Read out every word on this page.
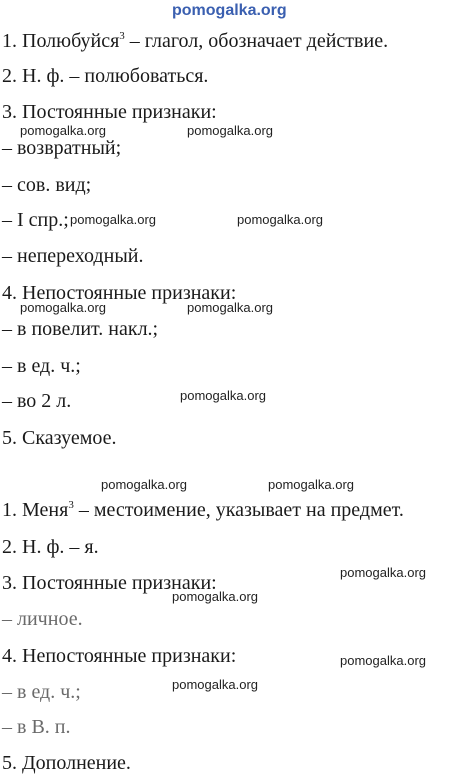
pomogalka.org
1. Полюбуйся$^3$ – глагол, обозначает действие.
2. Н. ф. – полюбоваться.
3. Постоянные признаки:
– возвратный;
– сов. вид;
– I спр.;
– непереходный.
4. Непостоянные признаки:
– в повелит. накл.;
– в ед. ч.;
– во 2 л.
5. Сказуемое.
1. Меня$^3$ – местоимение, указывает на предмет.
2. Н. ф. – я.
3. Постоянные признаки:
– личное.
4. Непостоянные признаки:
– в ед. ч.;
– в В. п.
5. Дополнение.
pomogalka.org	pomogalka.org
pomogalka.org	pomogalka.org
pomogalka.org	pomogalka.org
pomogalka.org
pomogalka.org	pomogalka.org
pomogalka.org
pomogalka.org
pomogalka.org
pomogalka.org
